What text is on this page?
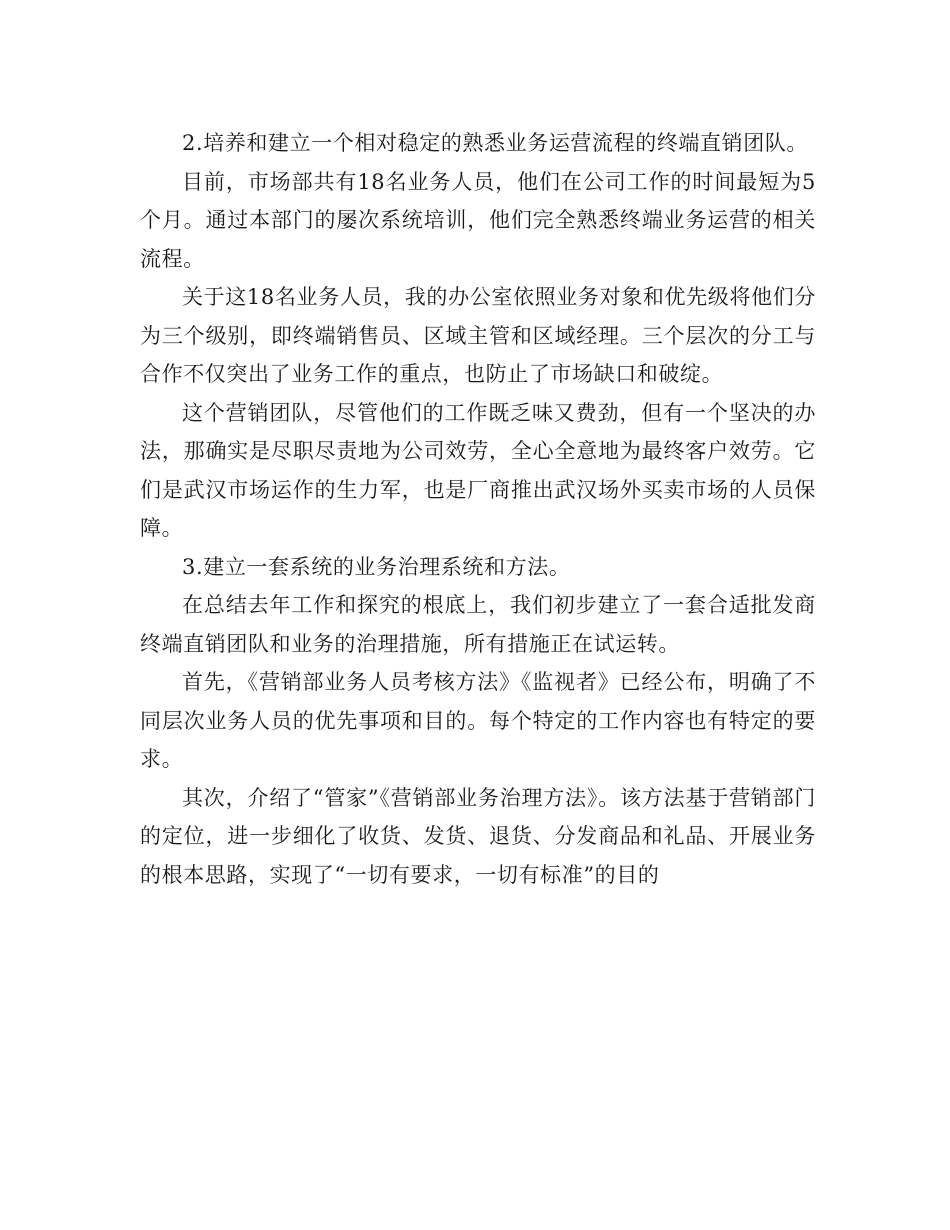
2.培养和建立一个相对稳定的熟悉业务运营流程的终端直销团队。

目前，市场部共有18名业务人员，他们在公司工作的时间最短为5个月。通过本部门的屡次系统培训，他们完全熟悉终端业务运营的相关流程。

关于这18名业务人员，我的办公室依照业务对象和优先级将他们分为三个级别，即终端销售员、区域主管和区域经理。三个层次的分工与合作不仅突出了业务工作的重点，也防止了市场缺口和破绽。

这个营销团队，尽管他们的工作既乏味又费劲，但有一个坚决的办法，那确实是尽职尽责地为公司效劳，全心全意地为最终客户效劳。它们是武汉市场运作的生力军，也是厂商推出武汉场外买卖市场的人员保障。

3.建立一套系统的业务治理系统和方法。

在总结去年工作和探究的根底上，我们初步建立了一套合适批发商终端直销团队和业务的治理措施，所有措施正在试运转。

首先，《营销部业务人员考核方法》《监视者》已经公布，明确了不同层次业务人员的优先事项和目的。每个特定的工作内容也有特定的要求。

其次，介绍了“管家”《营销部业务治理方法》。该方法基于营销部门的定位，进一步细化了收货、发货、退货、分发商品和礼品、开展业务的根本思路，实现了“一切有要求，一切有标准”的目的
